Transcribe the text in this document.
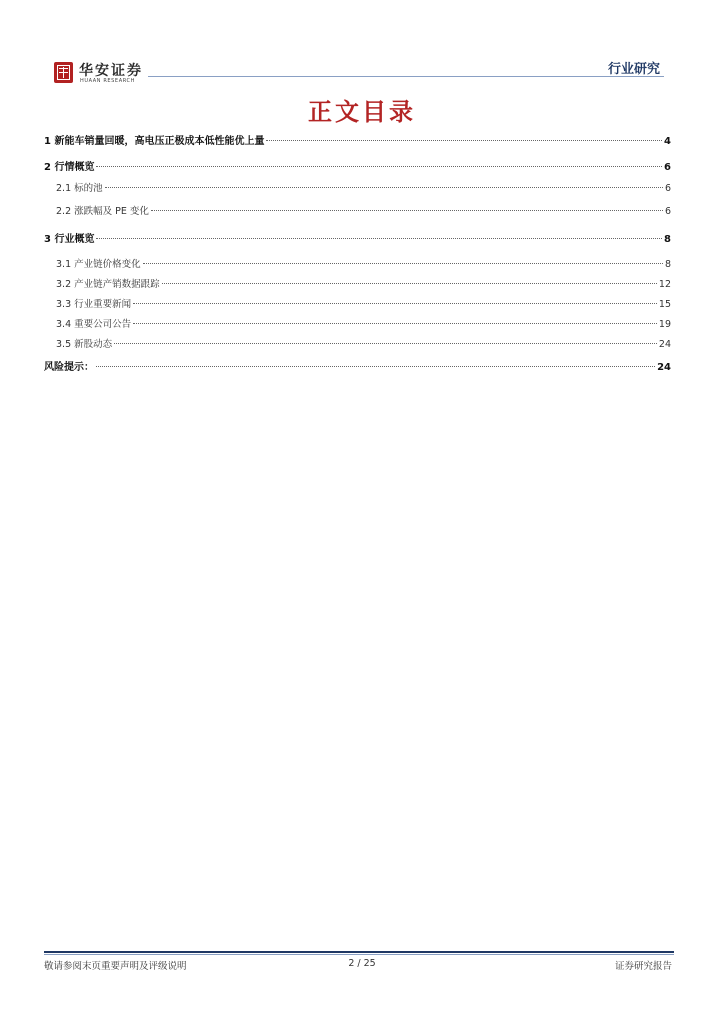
华安证券
HUAAN RESEARCH
行业研究
正文目录
1 新能车销量回暖，高电压正极成本低性能优上量	4
2 行情概览	6
2.1 标的池	6
2.2 涨跌幅及 PE 变化	6
3 行业概览	8
3.1 产业链价格变化	8
3.2 产业链产销数据跟踪	12
3.3 行业重要新闻	15
3.4 重要公司公告	19
3.5 新股动态	24
风险提示：	24
敬请参阅末页重要声明及评级说明	2 / 25	证券研究报告
